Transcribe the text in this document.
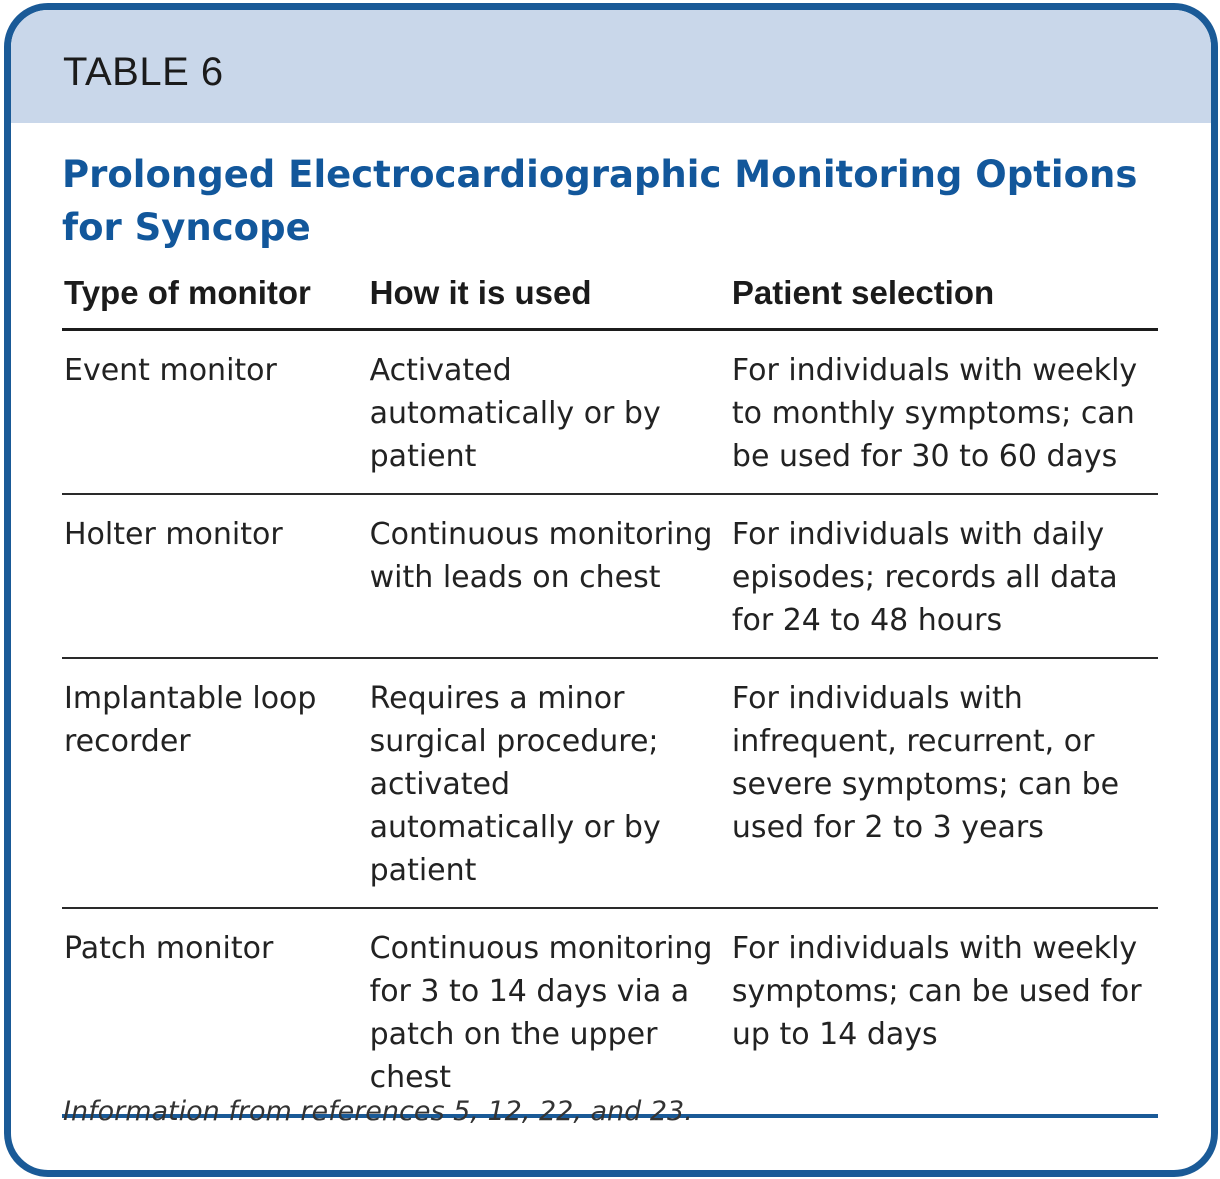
TABLE 6
Prolonged Electrocardiographic Monitoring Options for Syncope
Type of monitor	How it is used	Patient selection
Event monitor	Activated automatically or by patient	For individuals with weekly to monthly symptoms; can be used for 30 to 60 days
Holter monitor	Continuous monitoring with leads on chest	For individuals with daily episodes; records all data for 24 to 48 hours
Implantable loop recorder	Requires a minor surgical procedure; activated automatically or by patient	For individuals with infrequent, recurrent, or severe symptoms; can be used for 2 to 3 years
Patch monitor	Continuous monitoring for 3 to 14 days via a patch on the upper chest	For individuals with weekly symptoms; can be used for up to 14 days
Information from references 5, 12, 22, and 23.
